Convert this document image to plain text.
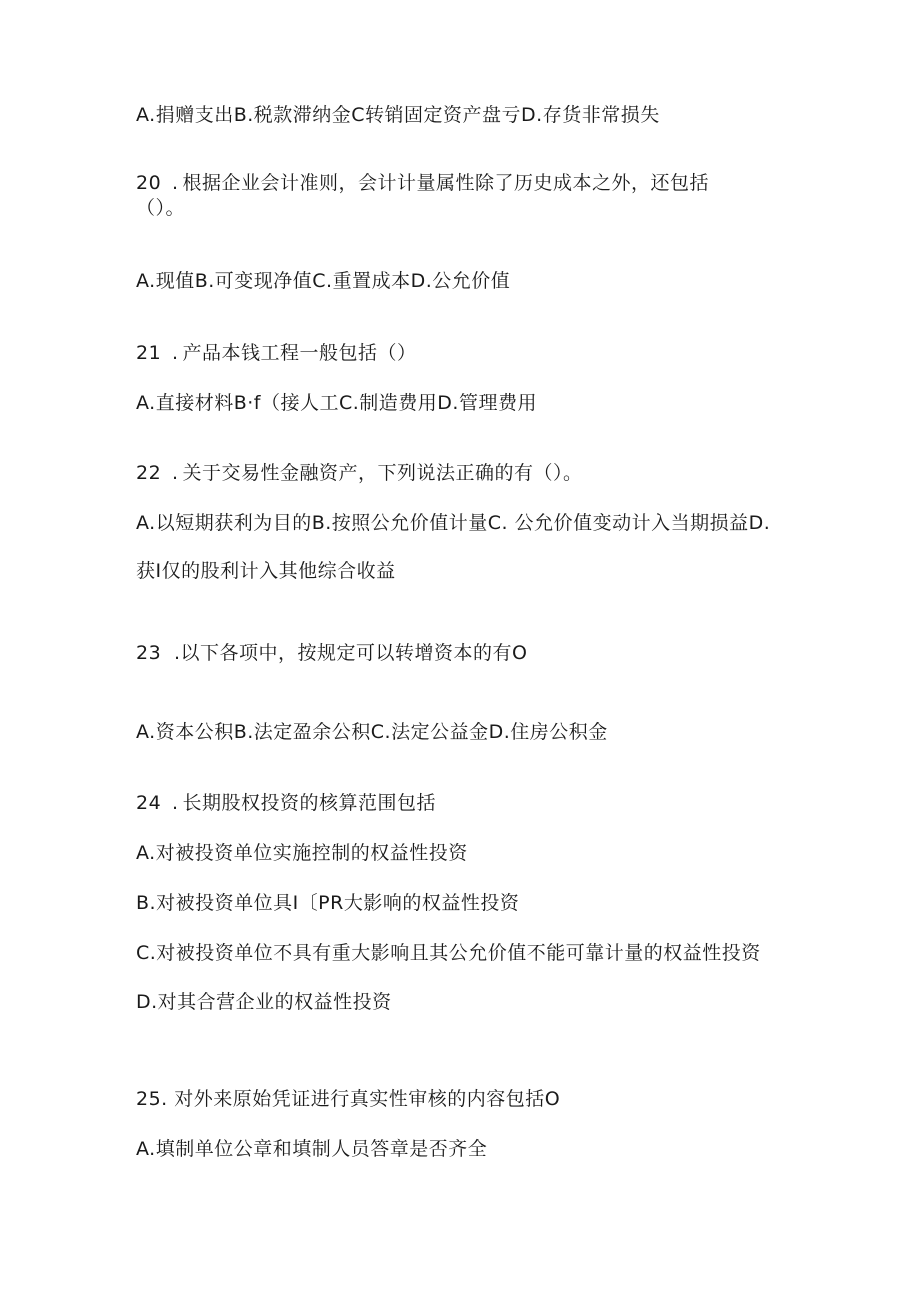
A.捐赠支出B.税款滞纳金C转销固定资产盘亏D.存货非常损失
20 . 根据企业会计准则，会计计量属性除了历史成本之外，还包括
（）。
A.现值B.可变现净值C.重置成本D.公允价值
21 . 产品本钱工程一般包括（）
A.直接材料B·f（接人工C.制造费用D.管理费用
22 . 关于交易性金融资产，下列说法正确的有（）。
A.以短期获利为目的B.按照公允价值计量C. 公允价值变动计入当期损益D.
获I仅的股利计入其他综合收益
23 .以下各项中，按规定可以转增资本的有O
A.资本公积B.法定盈余公积C.法定公益金D.住房公积金
24 . 长期股权投资的核算范围包括
A.对被投资单位实施控制的权益性投资
B.对被投资单位具I〔PR大影响的权益性投资
C.对被投资单位不具有重大影响且其公允价值不能可靠计量的权益性投资
D.对其合营企业的权益性投资
25. 对外来原始凭证进行真实性审核的内容包括O
A.填制单位公章和填制人员答章是否齐全
